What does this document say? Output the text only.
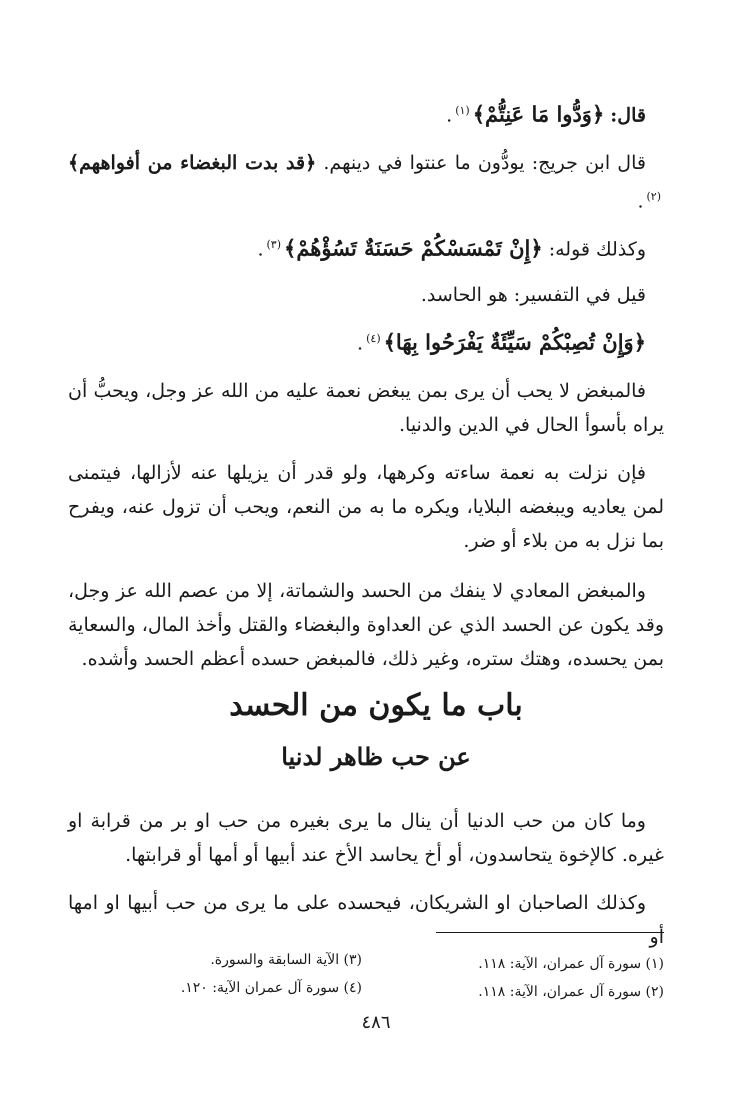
قال: ﴿وَدُّوا مَا عَنِتُّمْ﴾$^{(١)}$.

قال ابن جريج: يودُّون ما عنتوا في دينهم. ﴿قد بدت البغضاء من أفواههم﴾$^{(٢)}$.

وكذلك قوله: ﴿إِنْ تَمْسَسْكُمْ حَسَنَةٌ تَسُؤْهُمْ﴾$^{(٣)}$.

قيل في التفسير: هو الحاسد.

﴿وَإِنْ تُصِبْكُمْ سَيِّئَةٌ يَفْرَحُوا بِهَا﴾$^{(٤)}$.

فالمبغض لا يحب أن يرى بمن يبغض نعمة عليه من الله عز وجل، ويحبُّ أن يراه بأسوأ الحال في الدين والدنيا.

فإن نزلت به نعمة ساءته وكرهها، ولو قدر أن يزيلها عنه لأزالها، فيتمنى لمن يعاديه ويبغضه البلايا، ويكره ما به من النعم، ويحب أن تزول عنه، ويفرح بما نزل به من بلاء أو ضر.

والمبغض المعادي لا ينفك من الحسد والشماتة، إلا من عصم الله عز وجل، وقد يكون عن الحسد الذي عن العداوة والبغضاء والقتل وأخذ المال، والسعاية بمن يحسده، وهتك ستره، وغير ذلك، فالمبغض حسده أعظم الحسد وأشده.

باب ما يكون من الحسد
عن حب ظاهر لدنيا

وما كان من حب الدنيا أن ينال ما يرى بغيره من حب او بر من قرابة او غيره. كالإخوة يتحاسدون، أو أخ يحاسد الأخ عند أبيها أو أمها أو قرابتها.

وكذلك الصاحبان او الشريكان، فيحسده على ما يرى من حب أبيها او امها أو

(١) سورة آل عمران، الآية: ١١٨.

(٢) سورة آل عمران، الآية: ١١٨.

(٣) الآية السابقة والسورة.

(٤) سورة آل عمران الآية: ١٢٠.

٤٨٦
